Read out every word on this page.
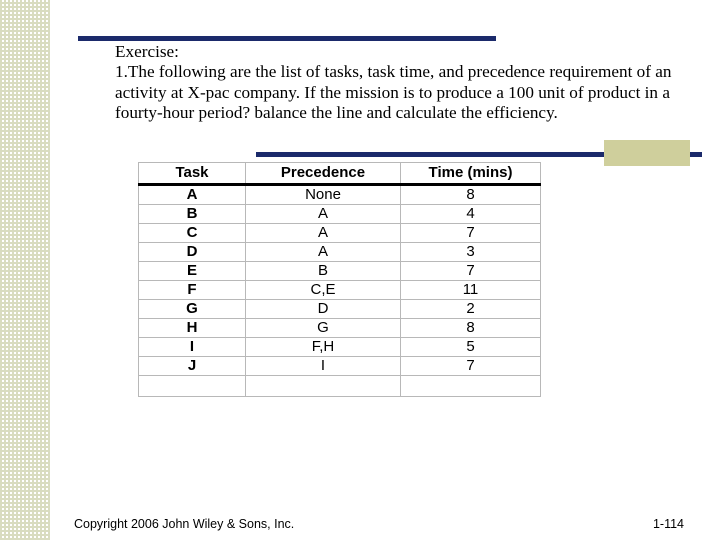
Exercise:

1.The following are the list of tasks, task time, and precedence requirement of an activity at X-pac company. If the mission is to produce a 100 unit of product in a fourty-hour period? balance the line and calculate the efficiency.

Task	Precedence	Time (mins)
A	None	8
B	A	4
C	A	7
D	A	3
E	B	7
F	C,E	11
G	D	2
H	G	8
I	F,H	5
J	I	7

Copyright 2006 John Wiley & Sons, Inc.	1-114
